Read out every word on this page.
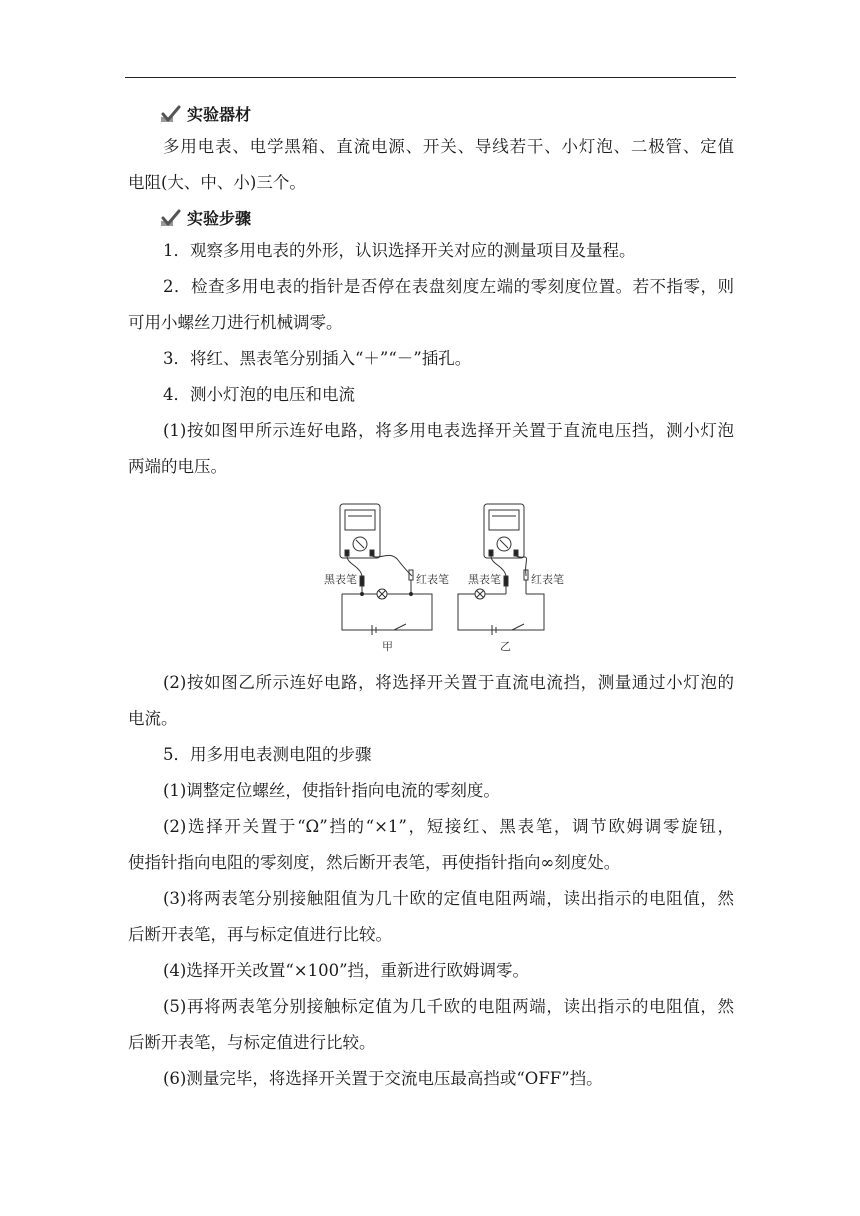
实验器材
多用电表、电学黑箱、直流电源、开关、导线若干、小灯泡、二极管、定值
电阻(大、中、小)三个。
实验步骤
1．观察多用电表的外形，认识选择开关对应的测量项目及量程。
2．检查多用电表的指针是否停在表盘刻度左端的零刻度位置。若不指零，则
可用小螺丝刀进行机械调零。
3．将红、黑表笔分别插入“＋”“－”插孔。
4．测小灯泡的电压和电流
(1)按如图甲所示连好电路，将多用电表选择开关置于直流电压挡，测小灯泡
两端的电压。
黑表笔	红表笔
甲
黑表笔	红表笔
乙
(2)按如图乙所示连好电路，将选择开关置于直流电流挡，测量通过小灯泡的
电流。
5．用多用电表测电阻的步骤
(1)调整定位螺丝，使指针指向电流的零刻度。
(2)选择开关置于“Ω”挡的“×1”，短接红、黑表笔，调节欧姆调零旋钮，
使指针指向电阻的零刻度，然后断开表笔，再使指针指向∞刻度处。
(3)将两表笔分别接触阻值为几十欧的定值电阻两端，读出指示的电阻值，然
后断开表笔，再与标定值进行比较。
(4)选择开关改置“×100”挡，重新进行欧姆调零。
(5)再将两表笔分别接触标定值为几千欧的电阻两端，读出指示的电阻值，然
后断开表笔，与标定值进行比较。
(6)测量完毕，将选择开关置于交流电压最高挡或“OFF”挡。
